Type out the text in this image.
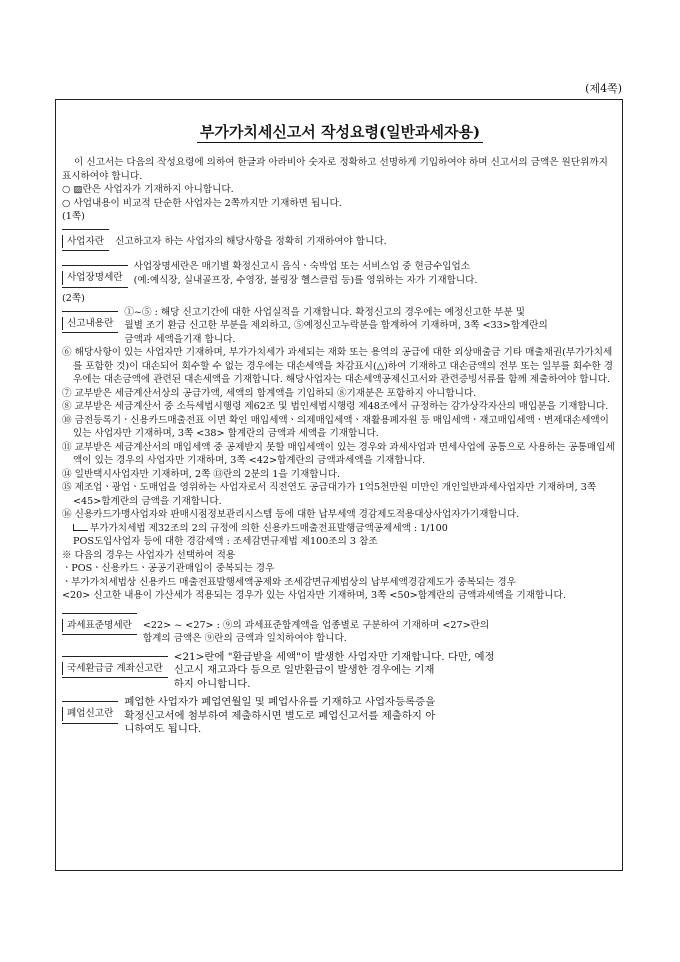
(제4쪽)
부가가치세신고서 작성요령(일반과세자용)

이 신고서는 다음의 작성요령에 의하여 한글과 아라비아 숫자로 정확하고 선명하게 기입하여야 하며 신고서의 금액은 원단위까지 표시하여야 합니다.

○ ▨란은 사업자가 기재하지 아니합니다.

○ 사업내용이 비교적 단순한 사업자는 2쪽까지만 기재하면 됩니다.

(1쪽)

사업자란	신고하고자 하는 사업자의 해당사항을 정확히 기재하여야 합니다.

사업장명세란

사업장명세란은 매기별 확정신고시 음식ㆍ숙박업 또는 서비스업 중 현금수입업소

(예:예식장, 실내골프장, 수영장, 볼링장 헬스클럽 등)를 영위하는 자가 기재합니다.

(2쪽)

신고내용란

①~⑤ : 해당 신고기간에 대한 사업실적을 기재합니다. 확정신고의 경우에는 예정신고한 부분 및

월별 조기 환급 신고한 부분을 제외하고, ⑤예정신고누락분을 합계하여 기재하며, 3쪽 <33>합계란의

금액과 세액을기재 합니다.

⑥ 해당사항이 있는 사업자만 기재하며, 부가가치세가 과세되는 재화 또는 용역의 공급에 대한 외상매출금 기타 매출채권(부가가치세를 포함한 것)이 대손되어 회수할 수 없는 경우에는 대손세액을 차감표시(△)하여 기재하고 대손금액의 전부 또는 일부를 회수한 경우에는 대손금액에 관련된 대손세액을 기재합니다. 해당사업자는 대손세액공제신고서와 관련증빙서류를 함께 제출하여야 합니다.

⑦ 교부받은 세금계산서상의 공급가액, 세액의 합계액을 기입하되 ⑧기재분은 포함하지 아니합니다.

⑧ 교부받은 세금계산서 중 소득세법시행령 제62조 및 법인세법시행령 제48조에서 규정하는 감가상각자산의 매입분을 기재합니다.

⑩ 금전등록기ㆍ신용카드매출전표 이면 확인 매입세액ㆍ의제매입세액ㆍ재활용폐자원 등 매입세액ㆍ재고매입세액ㆍ변제대손세액이 있는 사업자만 기재하며, 3쪽 <38> 합계란의 금액과 세액을 기재합니다.

⑪ 교부받은 세금계산서의 매입세액 중 공제받지 못할 매입세액이 있는 경우와 과세사업과 면세사업에 공통으로 사용하는 공통매입세액이 있는 경우의 사업자만 기재하며, 3쪽 <42>합계란의 금액과세액을 기재합니다.

⑭ 일반택시사업자만 기재하며, 2쪽 ⑬란의 2분의 1을 기재합니다.

⑮ 제조업ㆍ광업ㆍ도매업을 영위하는 사업자로서 직전연도 공급대가가 1억5천만원 미만인 개인일반과세사업자만 기재하며, 3쪽 <45>합계란의 금액을 기재합니다.

⑯ 신용카드가맹사업자와 판매시점정보관리시스템 등에 대한 납부세액 경감제도적용대상사업자가기재합니다.

부가가치세법 제32조의 2의 규정에 의한 신용카드매출전표발행금액공제세액 : 1/100

POS도입사업자 등에 대한 경감세액 : 조세감면규제법 제100조의 3 참조

※ 다음의 경우는 사업자가 선택하여 적용

ㆍPOSㆍ신용카드ㆍ공공기관매입이 중복되는 경우

ㆍ부가가치세법상 신용카드 매출전표발행세액공제와 조세감면규제법상의 납부세액경감제도가 중복되는 경우

<20> 신고한 내용이 가산세가 적용되는 경우가 있는 사업자만 기재하며, 3쪽 <50>합계란의 금액과세액을 기재합니다.

과세표준명세란	<22> ~ <27> : ⑨의 과세표준합계액을 업종별로 구분하여 기재하며 <27>란의

합계의 금액은 ⑨란의 금액과 일치하여야 합니다.

국세환급금 계좌신고란

<21>란에 "환급받을 세액"이 발생한 사업자만 기재합니다. 다만, 예정

신고시 재고과다 등으로 일반환급이 발생한 경우에는 기재

하지 아니합니다.

폐업신고란

폐업한 사업자가 폐업연월일 및 폐업사유를 기재하고 사업자등록증을

확정신고서에 첨부하여 제출하시면 별도로 폐업신고서를 제출하지 아

니하여도 됩니다.
